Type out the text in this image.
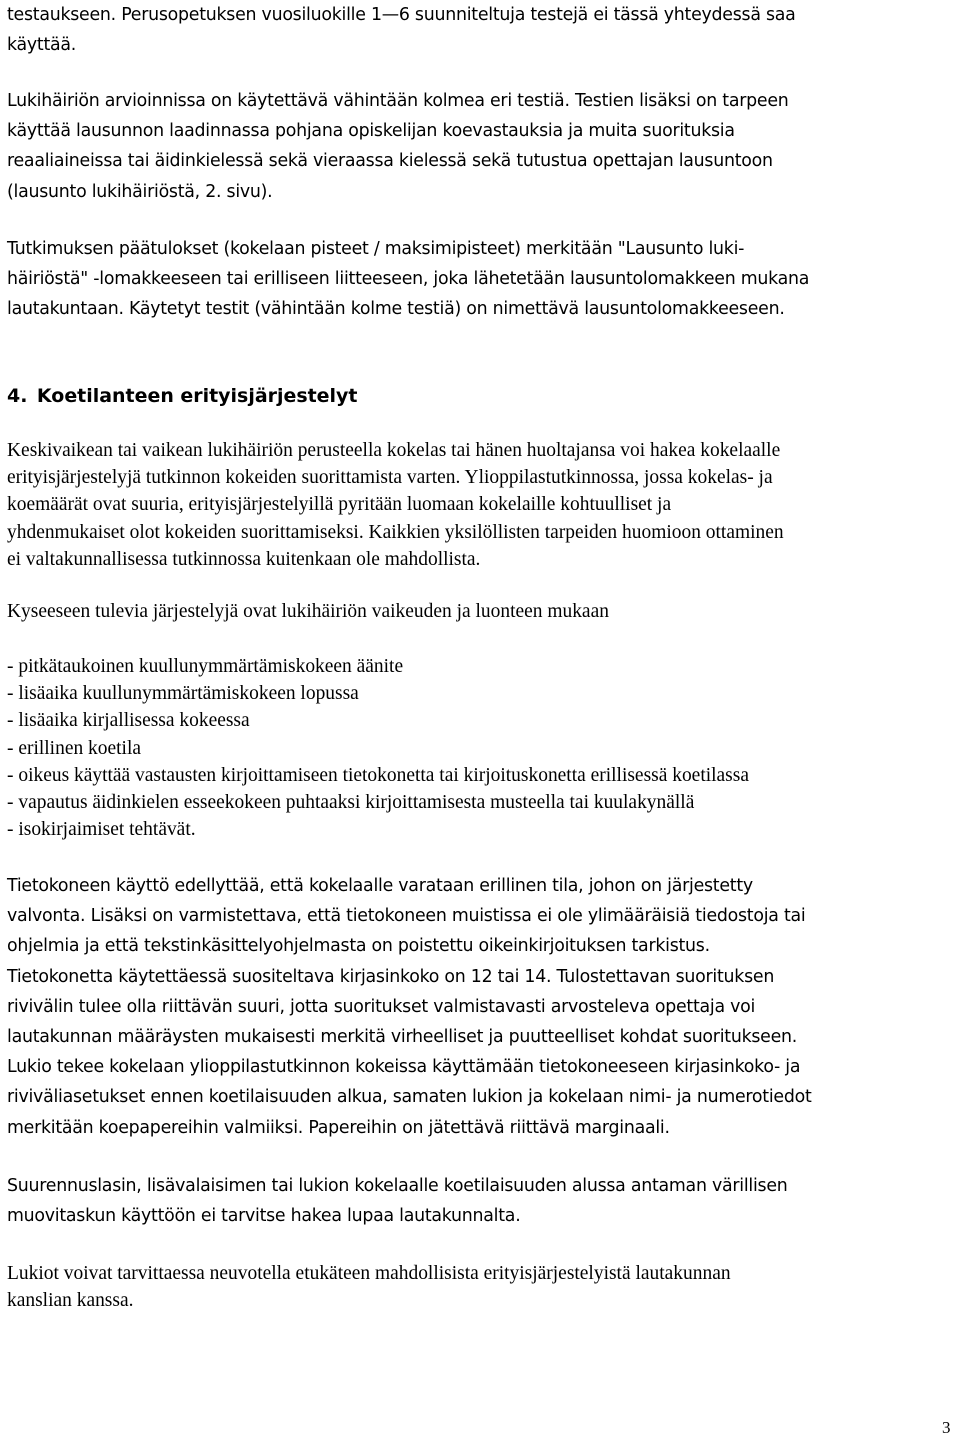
testaukseen. Perusopetuksen vuosiluokille 1—6 suunniteltuja testejä ei tässä yhteydessä saa
käyttää.

Lukihäiriön arvioinnissa on käytettävä vähintään kolmea eri testiä. Testien lisäksi on tarpeen
käyttää lausunnon laadinnassa pohjana opiskelijan koevastauksia ja muita suorituksia
reaaliaineissa tai äidinkielessä sekä vieraassa kielessä sekä tutustua opettajan lausuntoon
(lausunto lukihäiriöstä, 2. sivu).

Tutkimuksen päätulokset (kokelaan pisteet / maksimipisteet) merkitään "Lausunto luki-
häiriöstä" -lomakkeeseen tai erilliseen liitteeseen, joka lähetetään lausuntolomakkeen mukana
lautakuntaan. Käytetyt testit (vähintään kolme testiä) on nimettävä lausuntolomakkeeseen.

4. Koetilanteen erityisjärjestelyt

Keskivaikean tai vaikean lukihäiriön perusteella kokelas tai hänen huoltajansa voi hakea kokelaalle
erityisjärjestelyjä tutkinnon kokeiden suorittamista varten. Ylioppilastutkinnossa, jossa kokelas- ja
koemäärät ovat suuria, erityisjärjestelyillä pyritään luomaan kokelaille kohtuulliset ja
yhdenmukaiset olot kokeiden suorittamiseksi. Kaikkien yksilöllisten tarpeiden huomioon ottaminen
ei valtakunnallisessa tutkinnossa kuitenkaan ole mahdollista.

Kyseeseen tulevia järjestelyjä ovat lukihäiriön vaikeuden ja luonteen mukaan

- pitkätaukoinen kuullunymmärtämiskokeen äänite
- lisäaika kuullunymmärtämiskokeen lopussa
- lisäaika kirjallisessa kokeessa
- erillinen koetila
- oikeus käyttää vastausten kirjoittamiseen tietokonetta tai kirjoituskonetta erillisessä koetilassa
- vapautus äidinkielen esseekokeen puhtaaksi kirjoittamisesta musteella tai kuulakynällä
- isokirjaimiset tehtävät.

Tietokoneen käyttö edellyttää, että kokelaalle varataan erillinen tila, johon on järjestetty
valvonta. Lisäksi on varmistettava, että tietokoneen muistissa ei ole ylimääräisiä tiedostoja tai
ohjelmia ja että tekstinkäsittelyohjelmasta on poistettu oikeinkirjoituksen tarkistus.
Tietokonetta käytettäessä suositeltava kirjasinkoko on 12 tai 14. Tulostettavan suorituksen
rivivälin tulee olla riittävän suuri, jotta suoritukset valmistavasti arvosteleva opettaja voi
lautakunnan määräysten mukaisesti merkitä virheelliset ja puutteelliset kohdat suoritukseen.
Lukio tekee kokelaan ylioppilastutkinnon kokeissa käyttämään tietokoneeseen kirjasinkoko- ja
riviväliasetukset ennen koetilaisuuden alkua, samaten lukion ja kokelaan nimi- ja numerotiedot
merkitään koepapereihin valmiiksi. Papereihin on jätettävä riittävä marginaali.

Suurennuslasin, lisävalaisimen tai lukion kokelaalle koetilaisuuden alussa antaman värillisen
muovitaskun käyttöön ei tarvitse hakea lupaa lautakunnalta.

Lukiot voivat tarvittaessa neuvotella etukäteen mahdollisista erityisjärjestelyistä lautakunnan
kanslian kanssa.

3
